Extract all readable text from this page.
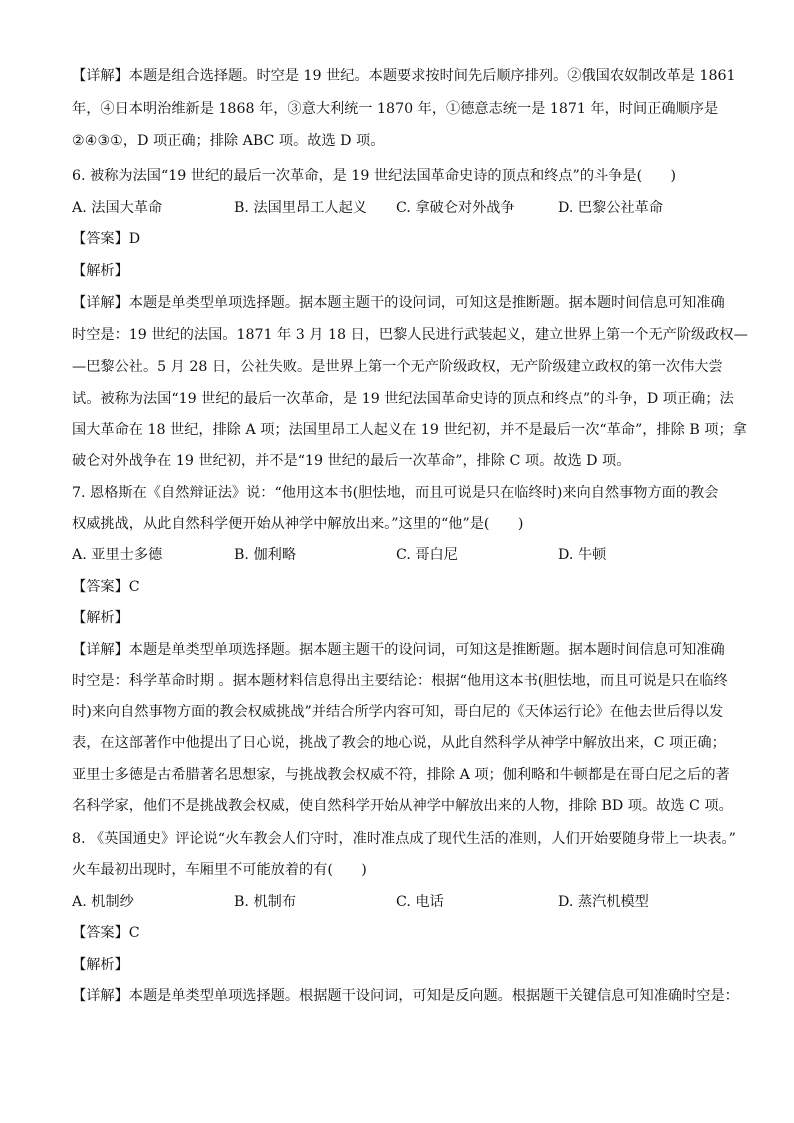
【详解】本题是组合选择题。时空是 19 世纪。本题要求按时间先后顺序排列。②俄国农奴制改革是 1861
年，④日本明治维新是 1868 年，③意大利统一 1870 年，①德意志统一是 1871 年，时间正确顺序是
②④③①，D 项正确；排除 ABC 项。故选 D 项。
6. 被称为法国“19 世纪的最后一次革命，是 19 世纪法国革命史诗的顶点和终点”的斗争是(　　)
A. 法国大革命	B. 法国里昂工人起义 C. 拿破仑对外战争	D. 巴黎公社革命
【答案】D
【解析】
【详解】本题是单类型单项选择题。据本题主题干的设问词，可知这是推断题。据本题时间信息可知准确
时空是：19 世纪的法国。1871 年 3 月 18 日，巴黎人民进行武装起义，建立世界上第一个无产阶级政权—
—巴黎公社。5 月 28 日，公社失败。是世界上第一个无产阶级政权，无产阶级建立政权的第一次伟大尝
试。被称为法国“19 世纪的最后一次革命，是 19 世纪法国革命史诗的顶点和终点”的斗争，D 项正确；法
国大革命在 18 世纪，排除 A 项；法国里昂工人起义在 19 世纪初，并不是最后一次“革命”，排除 B 项；拿
破仑对外战争在 19 世纪初，并不是“19 世纪的最后一次革命”，排除 C 项。故选 D 项。
7. 恩格斯在《自然辩证法》说：“他用这本书(胆怯地，而且可说是只在临终时)来向自然事物方面的教会
权威挑战，从此自然科学便开始从神学中解放出来。”这里的“他”是(　　)
A. 亚里士多德	B. 伽利略	C. 哥白尼	D. 牛顿
【答案】C
【解析】
【详解】本题是单类型单项选择题。据本题主题干的设问词，可知这是推断题。据本题时间信息可知准确
时空是：科学革命时期 。据本题材料信息得出主要结论：根据“他用这本书(胆怯地，而且可说是只在临终
时)来向自然事物方面的教会权威挑战”并结合所学内容可知，哥白尼的《天体运行论》在他去世后得以发
表，在这部著作中他提出了日心说，挑战了教会的地心说，从此自然科学从神学中解放出来，C 项正确；
亚里士多德是古希腊著名思想家，与挑战教会权威不符，排除 A 项；伽利略和牛顿都是在哥白尼之后的著
名科学家，他们不是挑战教会权威，使自然科学开始从神学中解放出来的人物，排除 BD 项。故选 C 项。
8. 《英国通史》评论说“火车教会人们守时，准时准点成了现代生活的准则，人们开始要随身带上一块表。”
火车最初出现时，车厢里不可能放着的有(　　)
A. 机制纱	B. 机制布	C. 电话	D. 蒸汽机模型
【答案】C
【解析】
【详解】本题是单类型单项选择题。根据题干设问词，可知是反向题。根据题干关键信息可知准确时空是：
